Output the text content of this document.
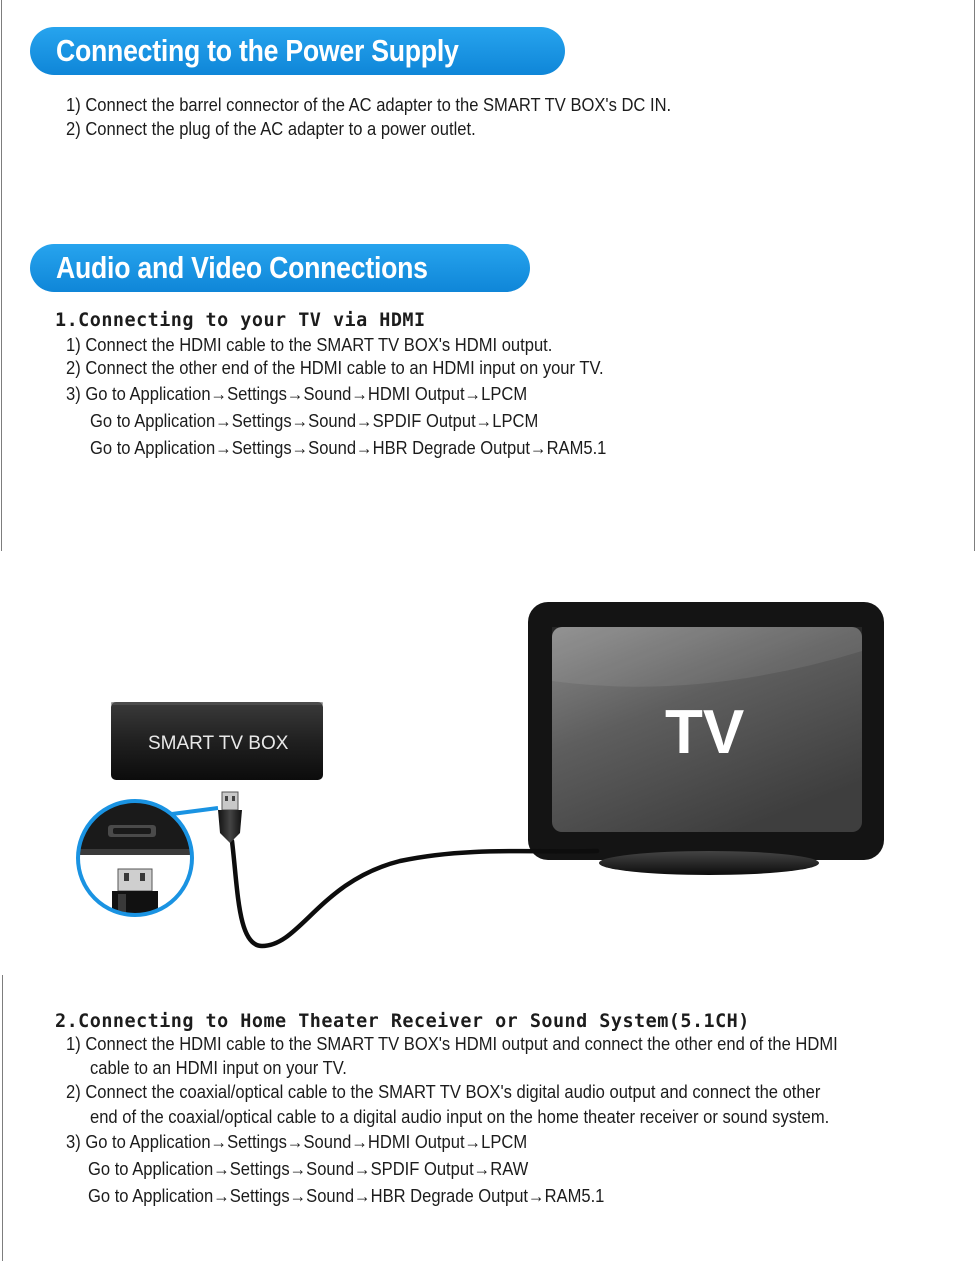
Connecting to the Power Supply
1) Connect the barrel connector of the AC adapter to the SMART TV BOX's DC IN.
2) Connect the plug of the AC adapter to a power outlet.
Audio and Video Connections
1.Connecting to your TV via HDMI
1) Connect the HDMI cable to the SMART TV BOX's HDMI output.
2) Connect the other end of the HDMI cable to an HDMI input on your TV.
3) Go to Application→Settings→Sound→HDMI Output→LPCM
Go to Application→Settings→Sound→SPDIF Output→LPCM
Go to Application→Settings→Sound→HBR Degrade Output→RAM5.1
TV
SMART TV BOX
2.Connecting to Home Theater Receiver or Sound System(5.1CH)
1) Connect the HDMI cable to the SMART TV BOX's HDMI output and connect the other end of the HDMI
cable to an HDMI input on your TV.
2) Connect the coaxial/optical cable to the SMART TV BOX's digital audio output and connect the other
end of the coaxial/optical cable to a digital audio input on the home theater receiver or sound system.
3) Go to Application→Settings→Sound→HDMI Output→LPCM
Go to Application→Settings→Sound→SPDIF Output→RAW
Go to Application→Settings→Sound→HBR Degrade Output→RAM5.1
